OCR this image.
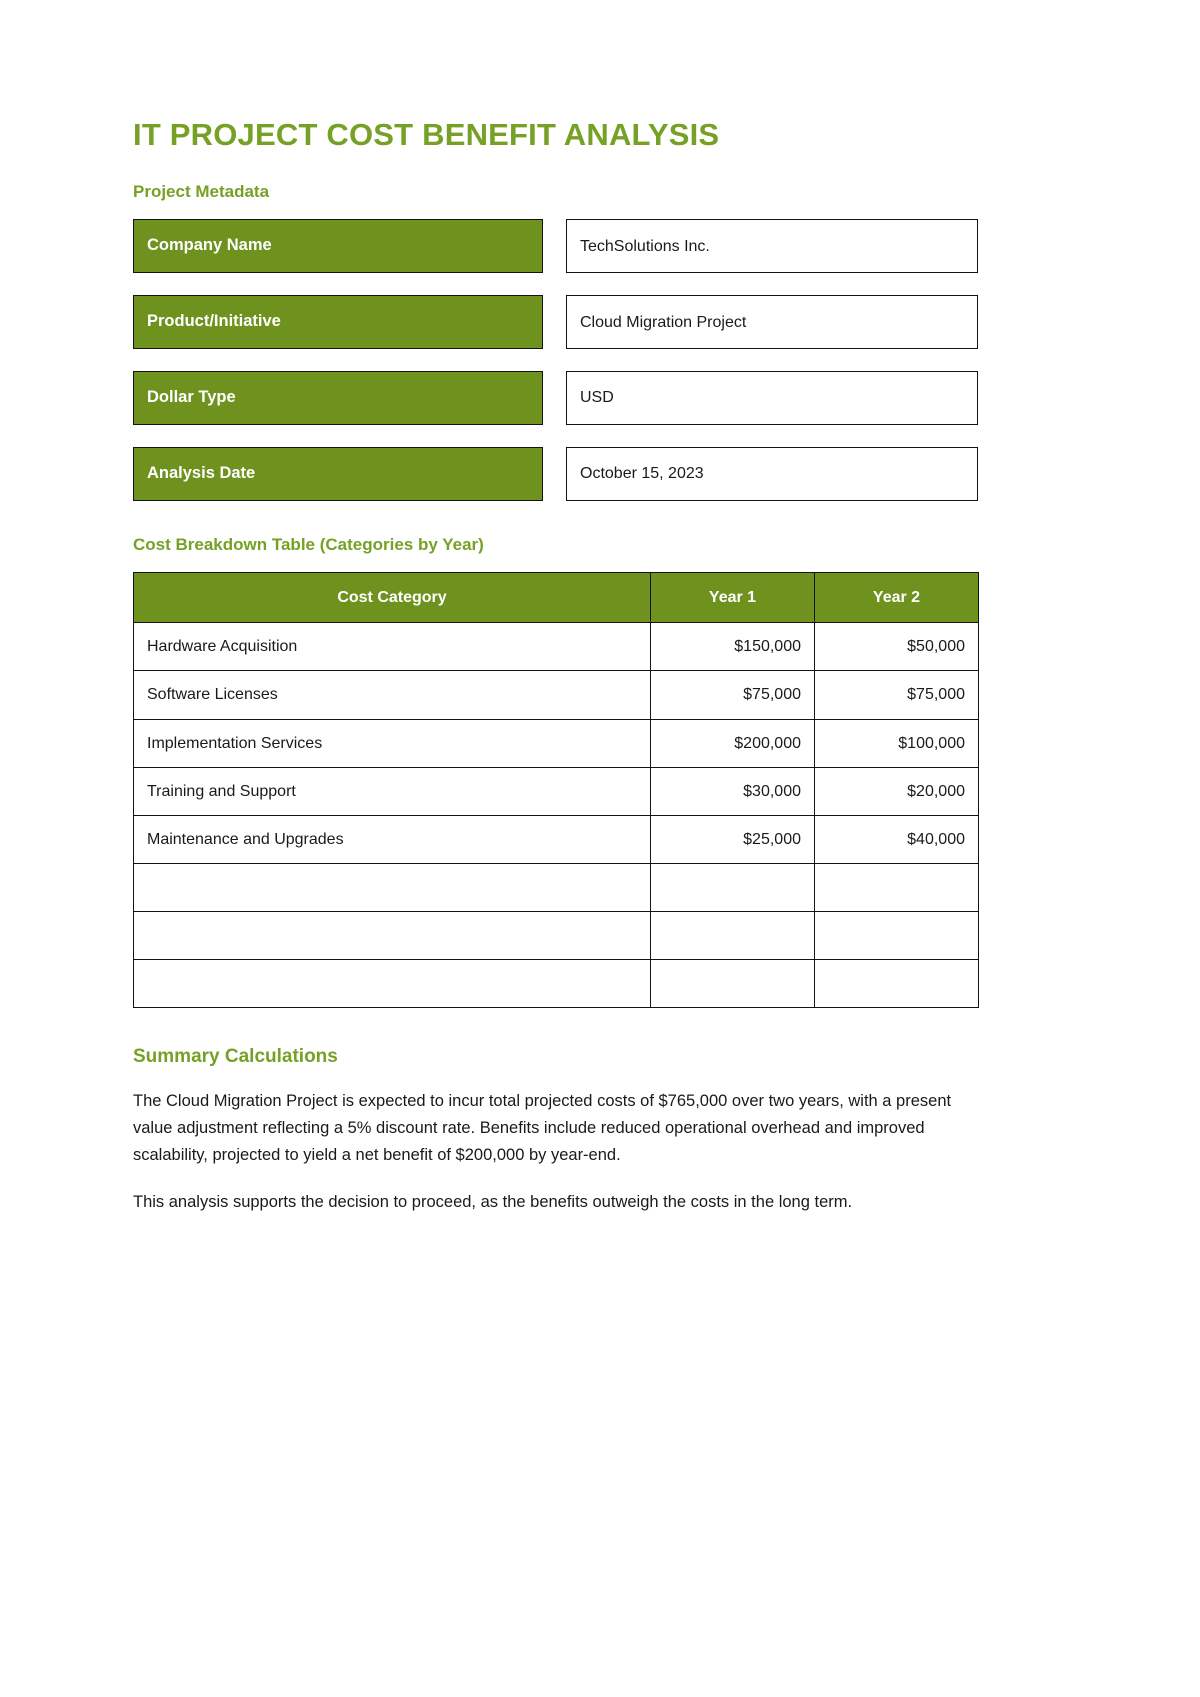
IT PROJECT COST BENEFIT ANALYSIS
Project Metadata
Company Name	TechSolutions Inc.
Product/Initiative	Cloud Migration Project
Dollar Type	USD
Analysis Date	October 15, 2023
Cost Breakdown Table (Categories by Year)
Cost Category	Year 1	Year 2
Hardware Acquisition	$150,000	$50,000
Software Licenses	$75,000	$75,000
Implementation Services	$200,000	$100,000
Training and Support	$30,000	$20,000
Maintenance and Upgrades	$25,000	$40,000

Summary Calculations

The Cloud Migration Project is expected to incur total projected costs of $765,000 over two years, with a present value adjustment reflecting a 5% discount rate. Benefits include reduced operational overhead and improved scalability, projected to yield a net benefit of $200,000 by year-end.

This analysis supports the decision to proceed, as the benefits outweigh the costs in the long term.
